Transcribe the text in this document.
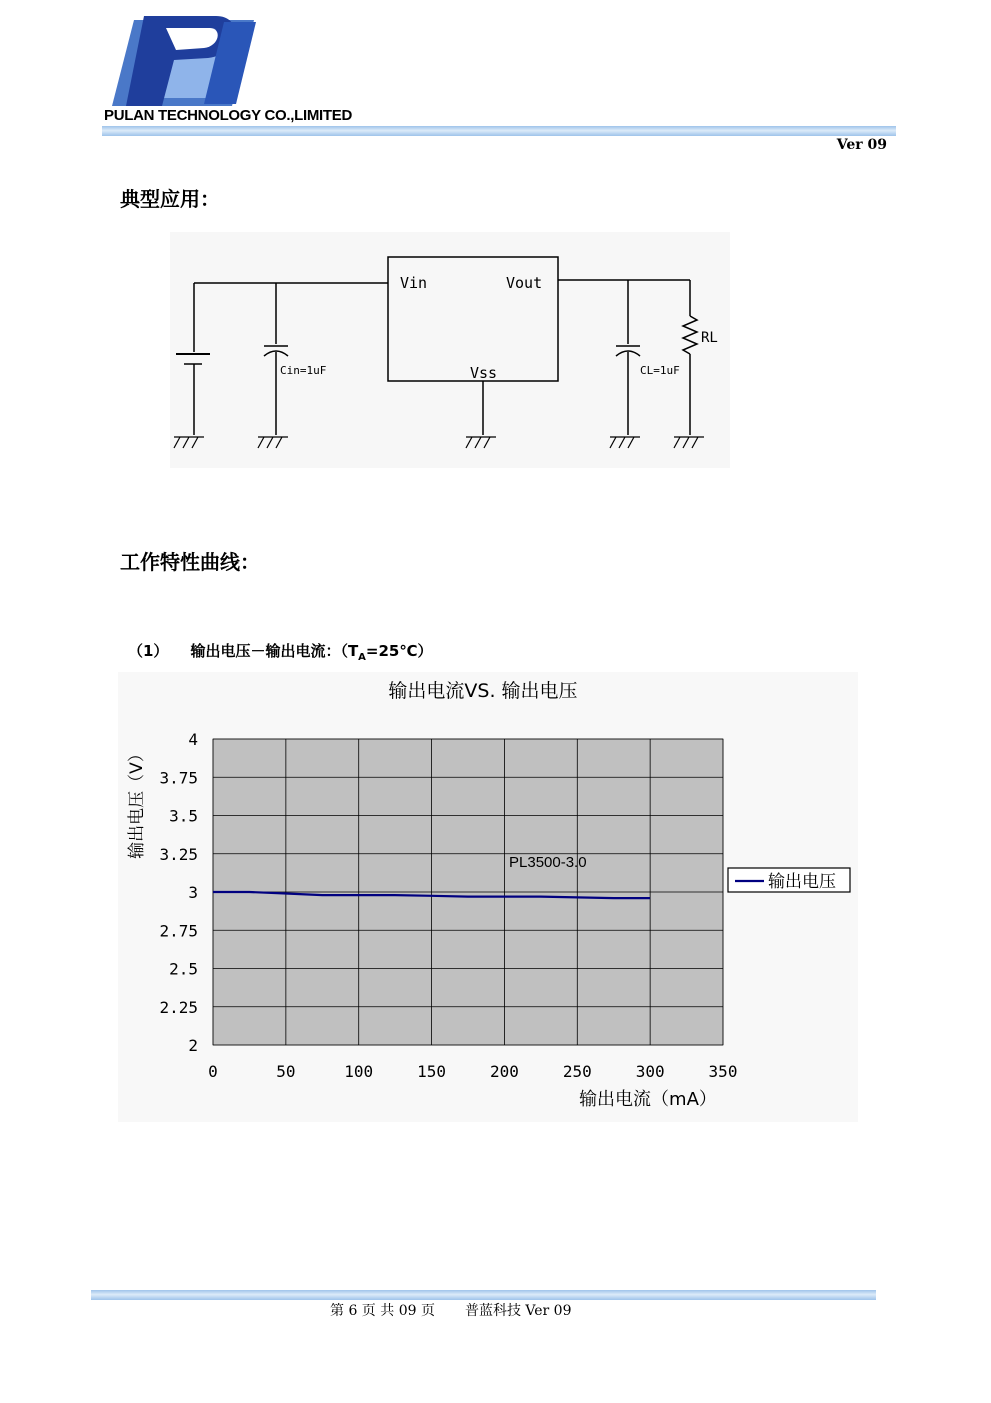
PULAN TECHNOLOGY CO.,LIMITED
Ver 09
典型应用：
Vin	Vout
Vss
Cin=1uF	CL=1uF
RL
工作特性曲线：
（1） 输出电压－输出电流：$(T_A=25℃)$
输出电流VS. 输出电压
2
2.25
2.5
2.75
3
3.25
3.5
3.75
4
0	50	100	150	200	250	300	350
PL3500-3.0
输出电压（V）
输出电流（mA）
输出电压
第 6 页 共 09 页 普蓝科技 Ver 09
